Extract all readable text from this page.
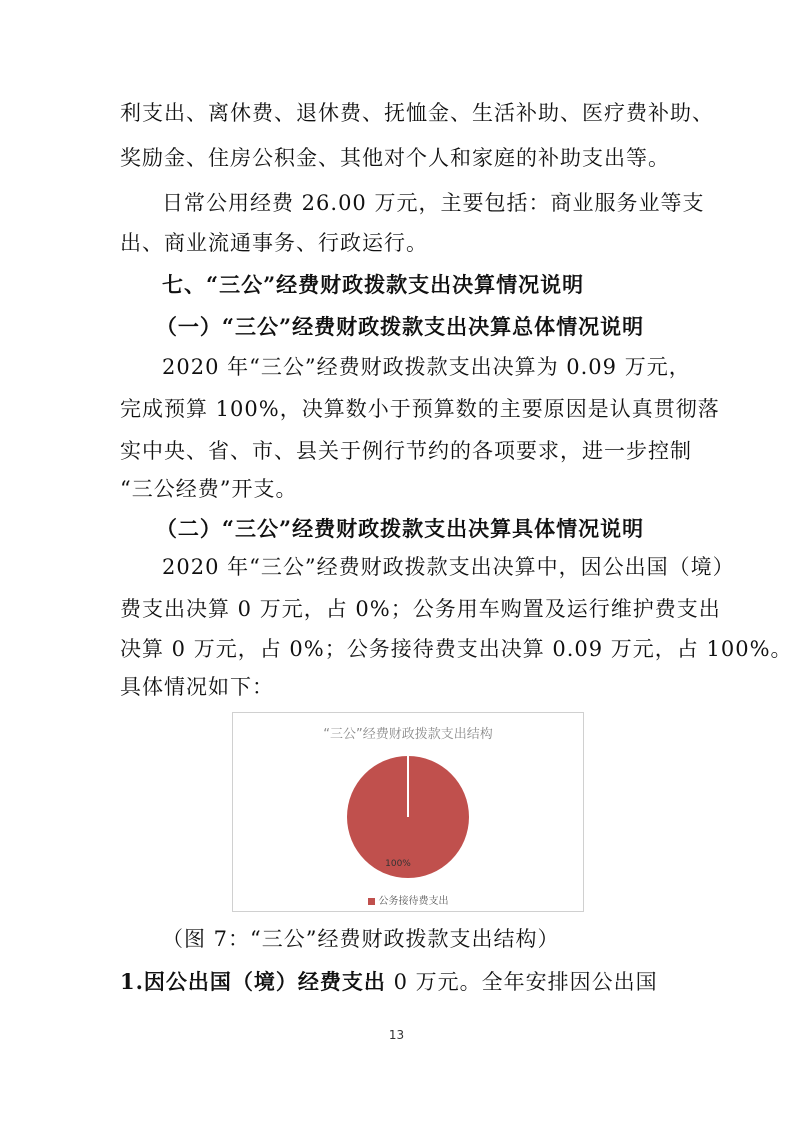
利支出、离休费、退休费、抚恤金、生活补助、医疗费补助、
奖励金、住房公积金、其他对个人和家庭的补助支出等。
日常公用经费 26.00 万元，主要包括：商业服务业等支
出、商业流通事务、行政运行。
七、“三公”经费财政拨款支出决算情况说明
（一）“三公”经费财政拨款支出决算总体情况说明
2020 年“三公”经费财政拨款支出决算为 0.09 万元，
完成预算 100%，决算数小于预算数的主要原因是认真贯彻落
实中央、省、市、县关于例行节约的各项要求，进一步控制
“三公经费”开支。
（二）“三公”经费财政拨款支出决算具体情况说明
2020 年“三公”经费财政拨款支出决算中，因公出国（境）
费支出决算 0 万元，占 0%；公务用车购置及运行维护费支出
决算 0 万元，占 0%；公务接待费支出决算 0.09 万元，占 100%。
具体情况如下：
“三公”经费财政拨款支出结构
100%
公务接待费支出
（图 7：“三公”经费财政拨款支出结构）
1.因公出国（境）经费支出 0 万元。全年安排因公出国
13
